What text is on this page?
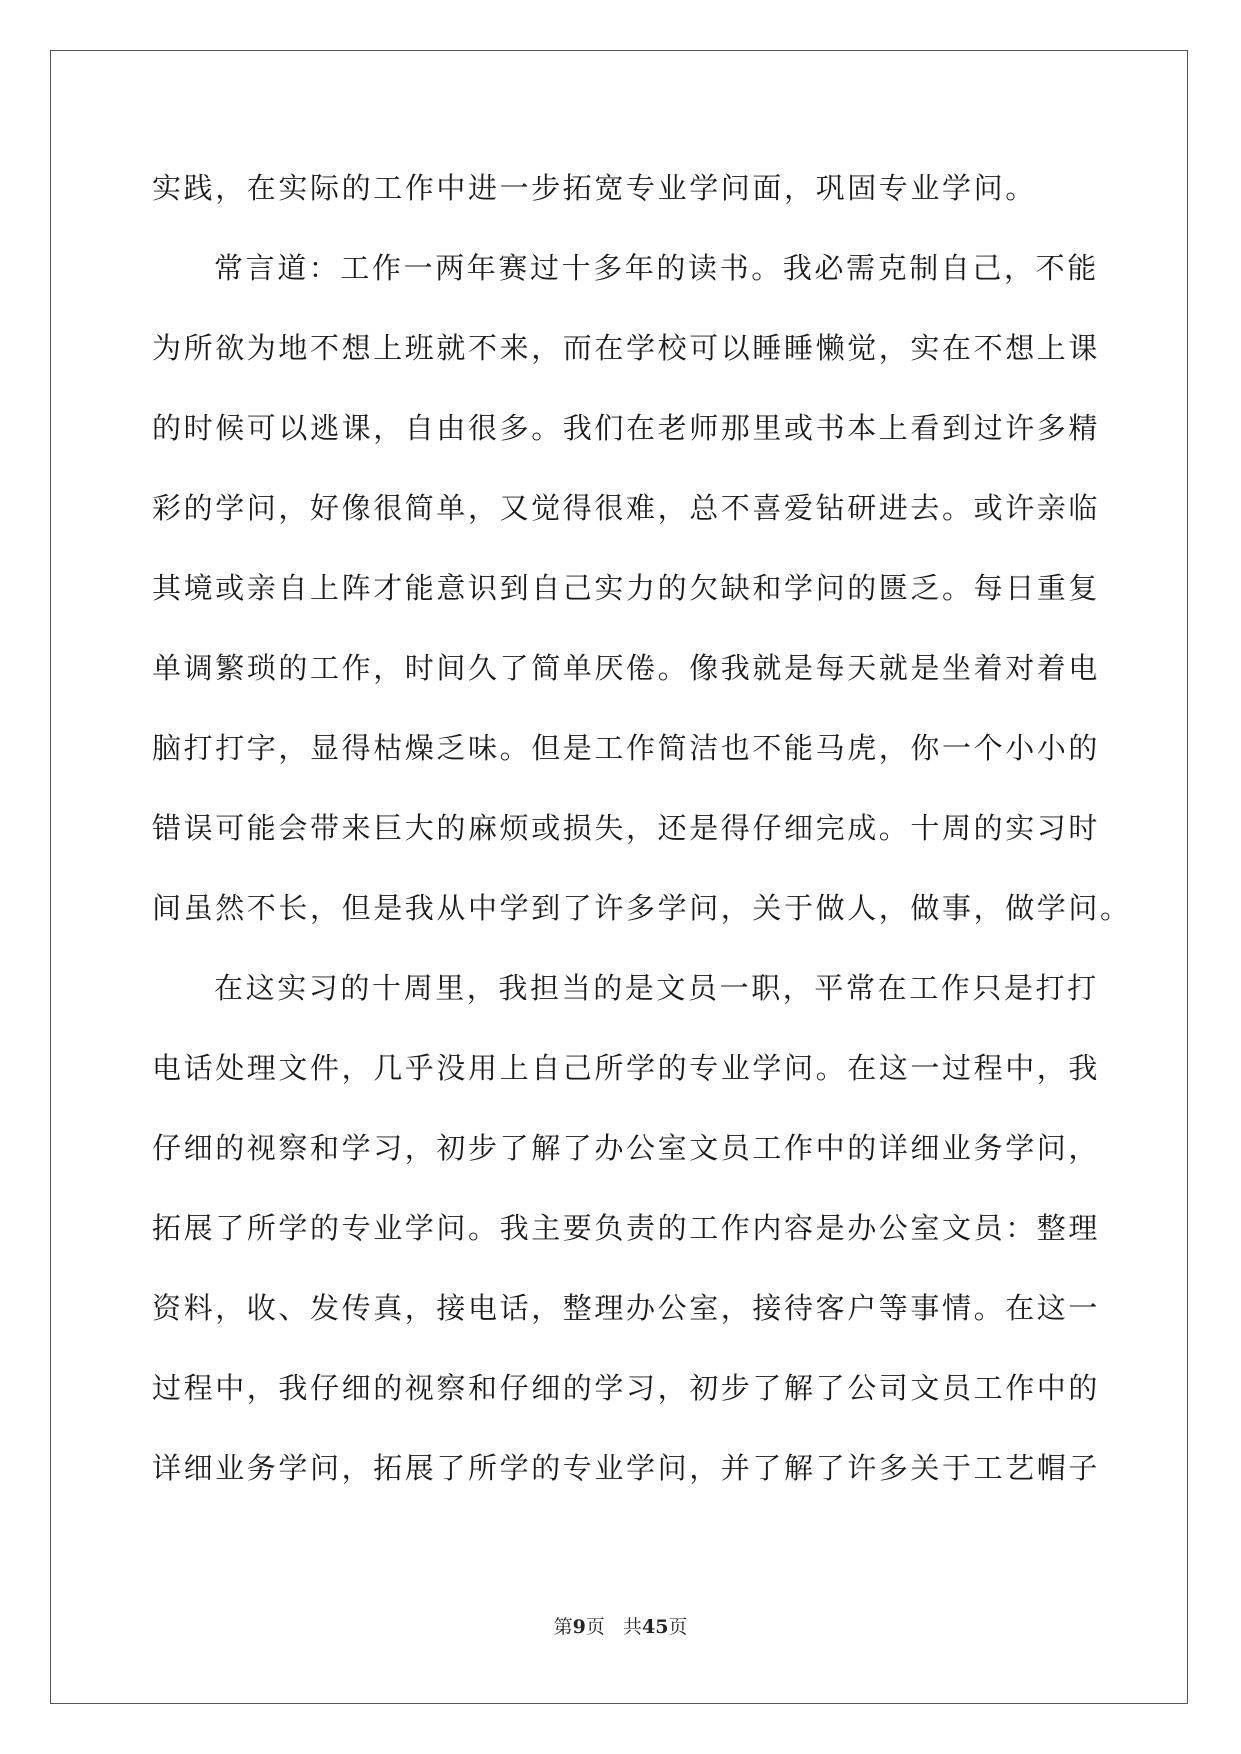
实践，在实际的工作中进一步拓宽专业学问面，巩固专业学问。
常言道：工作一两年赛过十多年的读书。我必需克制自己，不能
为所欲为地不想上班就不来，而在学校可以睡睡懒觉，实在不想上课
的时候可以逃课，自由很多。我们在老师那里或书本上看到过许多精
彩的学问，好像很简单，又觉得很难，总不喜爱钻研进去。或许亲临
其境或亲自上阵才能意识到自己实力的欠缺和学问的匮乏。每日重复
单调繁琐的工作，时间久了简单厌倦。像我就是每天就是坐着对着电
脑打打字，显得枯燥乏味。但是工作简洁也不能马虎，你一个小小的
错误可能会带来巨大的麻烦或损失，还是得仔细完成。十周的实习时
间虽然不长，但是我从中学到了许多学问，关于做人，做事，做学问。
在这实习的十周里，我担当的是文员一职，平常在工作只是打打
电话处理文件，几乎没用上自己所学的专业学问。在这一过程中，我
仔细的视察和学习，初步了解了办公室文员工作中的详细业务学问，
拓展了所学的专业学问。我主要负责的工作内容是办公室文员：整理
资料，收、发传真，接电话，整理办公室，接待客户等事情。在这一
过程中，我仔细的视察和仔细的学习，初步了解了公司文员工作中的
详细业务学问，拓展了所学的专业学问，并了解了许多关于工艺帽子
第9页 共45页
